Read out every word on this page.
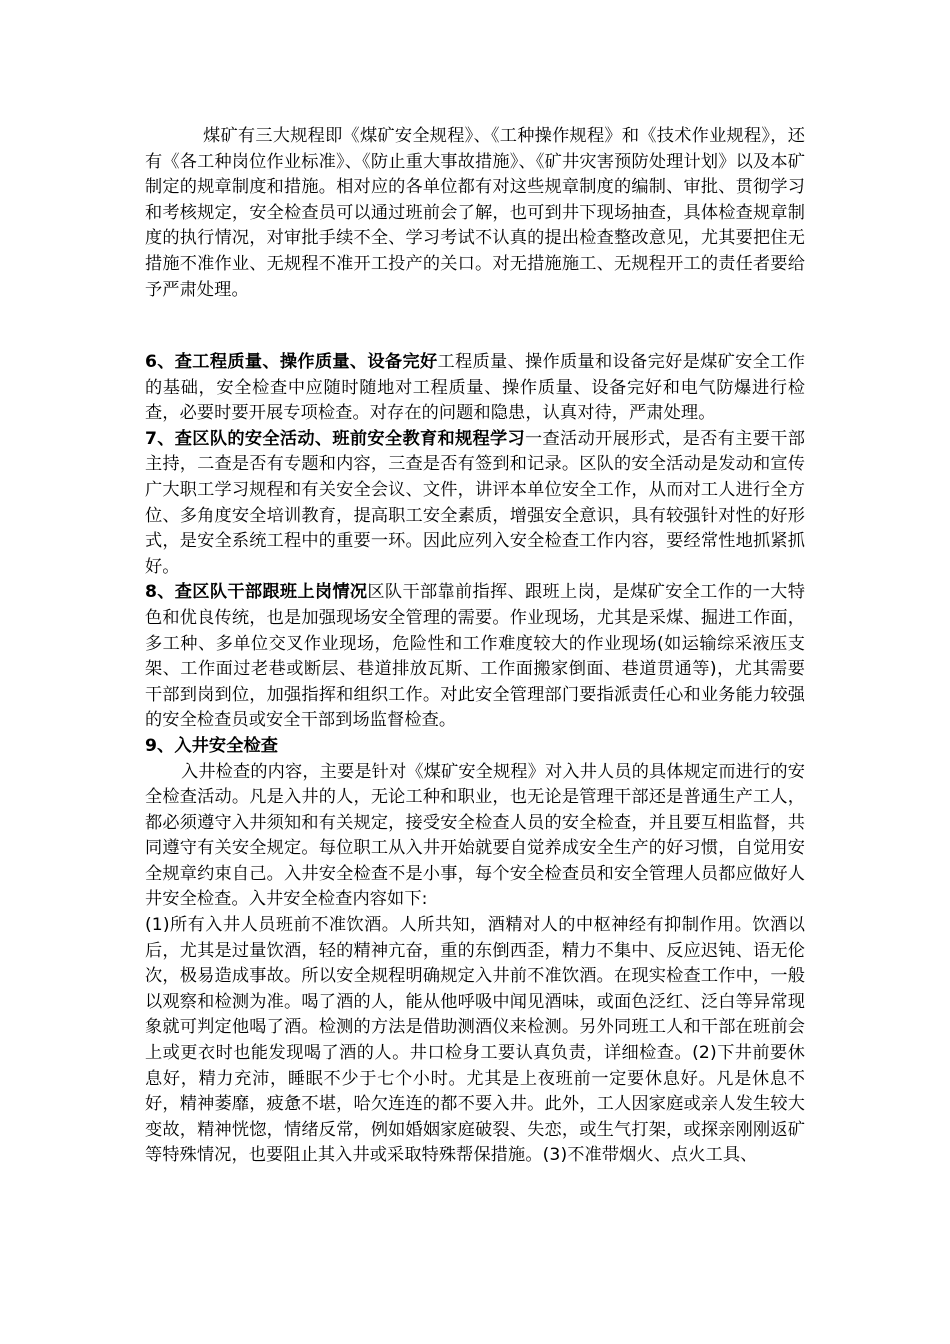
煤矿有三大规程即《煤矿安全规程》、《工种操作规程》和《技术作业规程》，还有《各工种岗位作业标准》、《防止重大事故措施》、《矿井灾害预防处理计划》以及本矿制定的规章制度和措施。相对应的各单位都有对这些规章制度的编制、审批、贯彻学习和考核规定，安全检查员可以通过班前会了解，也可到井下现场抽查，具体检查规章制度的执行情况，对审批手续不全、学习考试不认真的提出检查整改意见，尤其要把住无措施不准作业、无规程不准开工投产的关口。对无措施施工、无规程开工的责任者要给予严肃处理。

6、查工程质量、操作质量、设备完好工程质量、操作质量和设备完好是煤矿安全工作的基础，安全检查中应随时随地对工程质量、操作质量、设备完好和电气防爆进行检查，必要时要开展专项检查。对存在的问题和隐患，认真对待，严肃处理。

7、查区队的安全活动、班前安全教育和规程学习一查活动开展形式，是否有主要干部主持，二查是否有专题和内容，三查是否有签到和记录。区队的安全活动是发动和宣传广大职工学习规程和有关安全会议、文件，讲评本单位安全工作，从而对工人进行全方位、多角度安全培训教育，提高职工安全素质，增强安全意识，具有较强针对性的好形式，是安全系统工程中的重要一环。因此应列入安全检查工作内容，要经常性地抓紧抓好。

8、查区队干部跟班上岗情况区队干部靠前指挥、跟班上岗，是煤矿安全工作的一大特色和优良传统，也是加强现场安全管理的需要。作业现场，尤其是采煤、掘进工作面，多工种、多单位交叉作业现场，危险性和工作难度较大的作业现场(如运输综采液压支架、工作面过老巷或断层、巷道排放瓦斯、工作面搬家倒面、巷道贯通等)，尤其需要干部到岗到位，加强指挥和组织工作。对此安全管理部门要指派责任心和业务能力较强的安全检查员或安全干部到场监督检查。

9、入井安全检查

入井检查的内容，主要是针对《煤矿安全规程》对入井人员的具体规定而进行的安全检查活动。凡是入井的人，无论工种和职业，也无论是管理干部还是普通生产工人，都必须遵守入井须知和有关规定，接受安全检查人员的安全检查，并且要互相监督，共同遵守有关安全规定。每位职工从入井开始就要自觉养成安全生产的好习惯，自觉用安全规章约束自己。入井安全检查不是小事，每个安全检查员和安全管理人员都应做好人井安全检查。入井安全检查内容如下:

(1)所有入井人员班前不准饮酒。人所共知，酒精对人的中枢神经有抑制作用。饮酒以后，尤其是过量饮酒，轻的精神亢奋，重的东倒西歪，精力不集中、反应迟钝、语无伦次，极易造成事故。所以安全规程明确规定入井前不准饮酒。在现实检查工作中，一般以观察和检测为准。喝了酒的人，能从他呼吸中闻见酒味，或面色泛红、泛白等异常现象就可判定他喝了酒。检测的方法是借助测酒仪来检测。另外同班工人和干部在班前会上或更衣时也能发现喝了酒的人。井口检身工要认真负责，详细检查。(2)下井前要休息好，精力充沛，睡眠不少于七个小时。尤其是上夜班前一定要休息好。凡是休息不好，精神萎靡，疲惫不堪，哈欠连连的都不要入井。此外，工人因家庭或亲人发生较大变故，精神恍惚，情绪反常，例如婚姻家庭破裂、失恋，或生气打架，或探亲刚刚返矿等特殊情况，也要阻止其入井或采取特殊帮保措施。(3)不准带烟火、点火工具、
